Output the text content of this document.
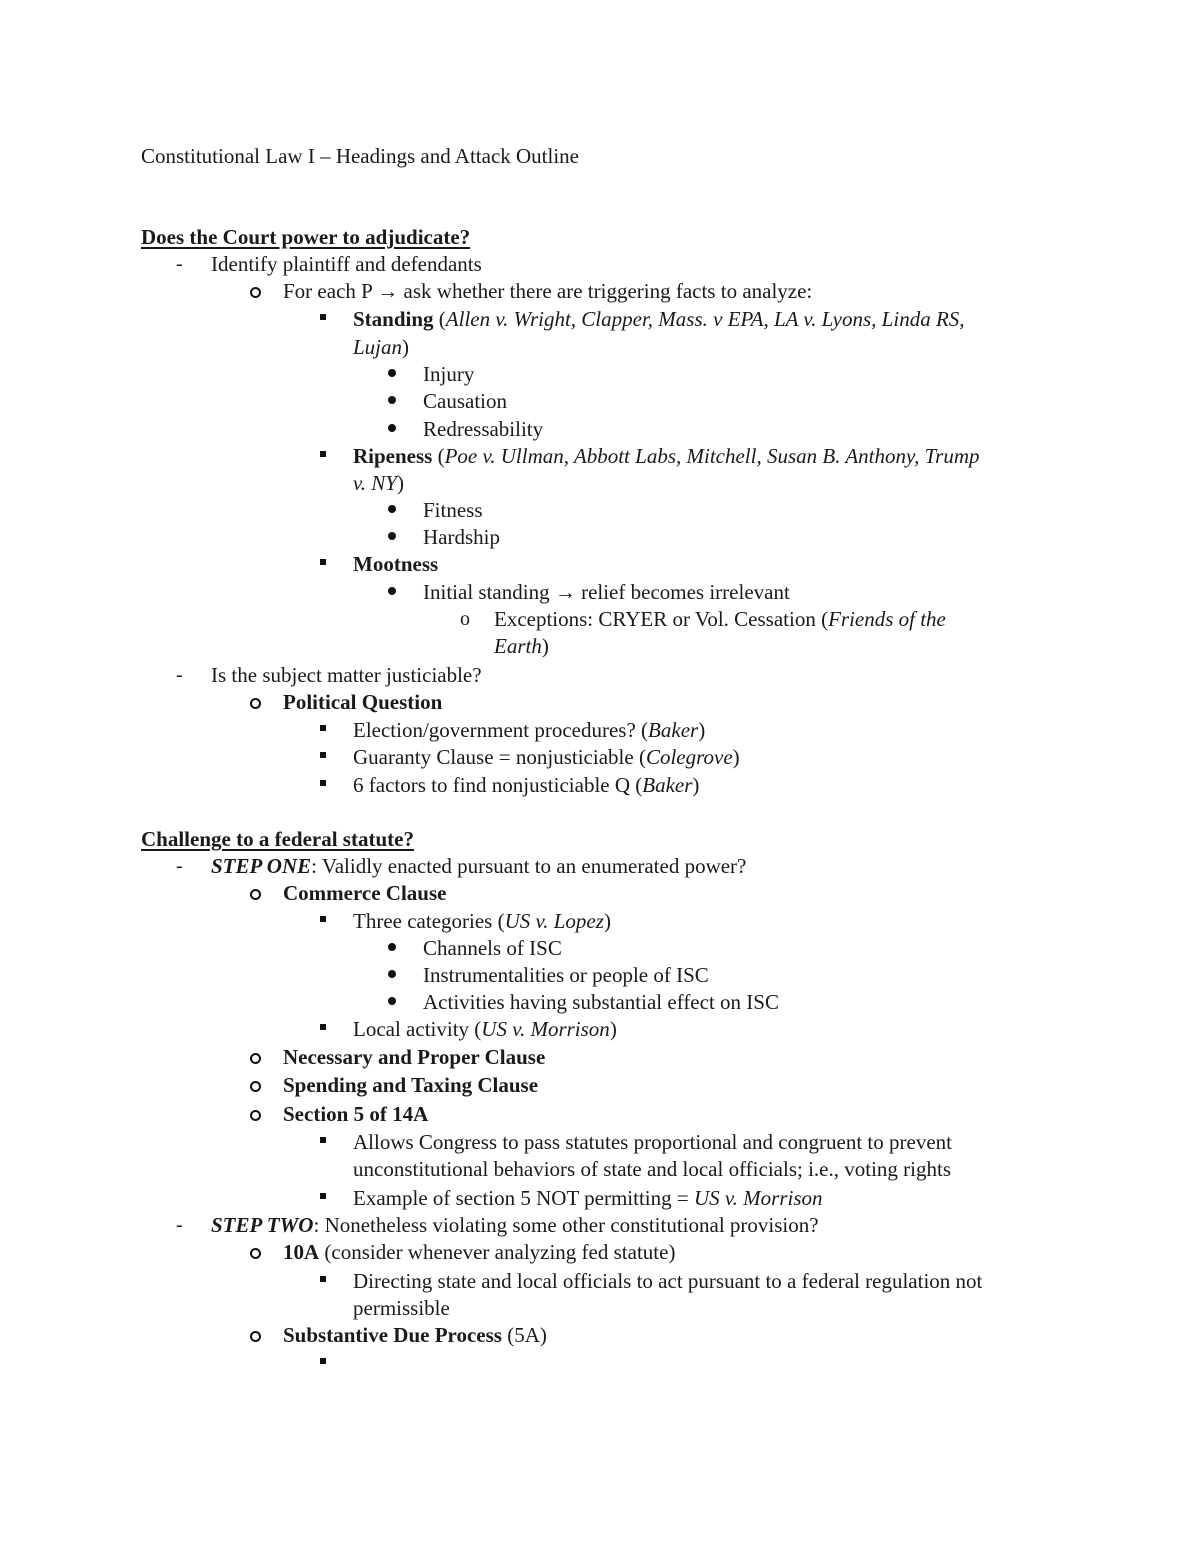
Constitutional Law I – Headings and Attack Outline
Does the Court power to adjudicate?
- Identify plaintiff and defendants
For each P → ask whether there are triggering facts to analyze:
Standing (Allen v. Wright, Clapper, Mass. v EPA, LA v. Lyons, Linda RS,
Lujan)
Injury
Causation
Redressability
Ripeness (Poe v. Ullman, Abbott Labs, Mitchell, Susan B. Anthony, Trump
v. NY)
Fitness
Hardship
Mootness
Initial standing → relief becomes irrelevant
o Exceptions: CRYER or Vol. Cessation (Friends of the
Earth)
- Is the subject matter justiciable?
Political Question
Election/government procedures? (Baker)
Guaranty Clause = nonjusticiable (Colegrove)
6 factors to find nonjusticiable Q (Baker)
Challenge to a federal statute?
- STEP ONE: Validly enacted pursuant to an enumerated power?
Commerce Clause
Three categories (US v. Lopez)
Channels of ISC
Instrumentalities or people of ISC
Activities having substantial effect on ISC
Local activity (US v. Morrison)
Necessary and Proper Clause
Spending and Taxing Clause
Section 5 of 14A
Allows Congress to pass statutes proportional and congruent to prevent
unconstitutional behaviors of state and local officials; i.e., voting rights
Example of section 5 NOT permitting = US v. Morrison
- STEP TWO: Nonetheless violating some other constitutional provision?
10A (consider whenever analyzing fed statute)
Directing state and local officials to act pursuant to a federal regulation not
permissible
Substantive Due Process (5A)
